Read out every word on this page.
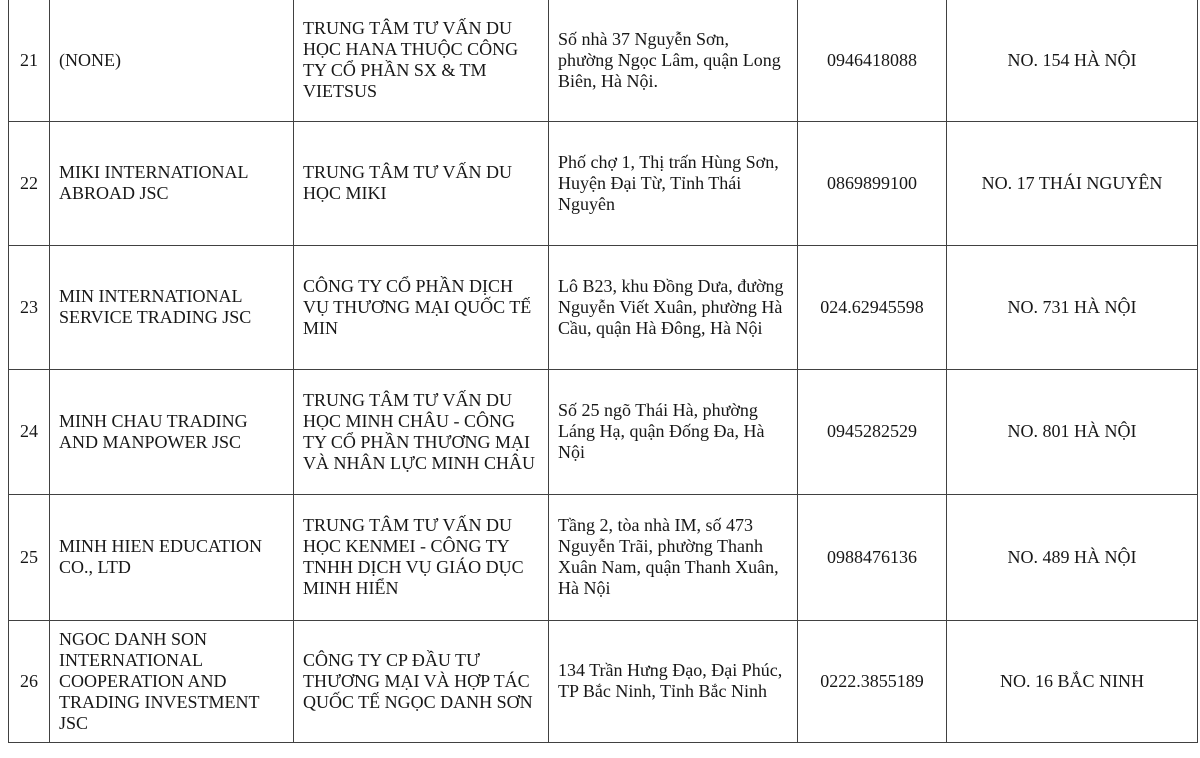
21	(NONE)	TRUNG TÂM TƯ VẤN DU HỌC HANA THUỘC CÔNG TY CỔ PHẦN SX & TM VIETSUS	Số nhà 37 Nguyễn Sơn, phường Ngọc Lâm, quận Long Biên, Hà Nội.	0946418088	NO. 154 HÀ NỘI
22	MIKI INTERNATIONAL ABROAD JSC	TRUNG TÂM TƯ VẤN DU HỌC MIKI	Phố chợ 1, Thị trấn Hùng Sơn, Huyện Đại Từ, Tỉnh Thái Nguyên	0869899100	NO. 17 THÁI NGUYÊN
23	MIN INTERNATIONAL SERVICE TRADING JSC	CÔNG TY CỔ PHẦN DỊCH VỤ THƯƠNG MẠI QUỐC TẾ MIN	Lô B23, khu Đồng Dưa, đường Nguyễn Viết Xuân, phường Hà Cầu, quận Hà Đông, Hà Nội	024.62945598	NO. 731 HÀ NỘI
24	MINH CHAU TRADING AND MANPOWER JSC	TRUNG TÂM TƯ VẤN DU HỌC MINH CHÂU - CÔNG TY CỔ PHẦN THƯƠNG MẠI VÀ NHÂN LỰC MINH CHÂU	Số 25 ngõ Thái Hà, phường Láng Hạ, quận Đống Đa, Hà Nội	0945282529	NO. 801 HÀ NỘI
25	MINH HIEN EDUCATION CO., LTD	TRUNG TÂM TƯ VẤN DU HỌC KENMEI - CÔNG TY TNHH DỊCH VỤ GIÁO DỤC MINH HIỂN	Tầng 2, tòa nhà IM, số 473 Nguyễn Trãi, phường Thanh Xuân Nam, quận Thanh Xuân, Hà Nội	0988476136	NO. 489 HÀ NỘI
26	NGOC DANH SON INTERNATIONAL COOPERATION AND TRADING INVESTMENT JSC	CÔNG TY CP ĐẦU TƯ THƯƠNG MẠI VÀ HỢP TÁC QUỐC TẾ NGỌC DANH SƠN	134 Trần Hưng Đạo, Đại Phúc, TP Bắc Ninh, Tỉnh Bắc Ninh	0222.3855189	NO. 16 BẮC NINH
